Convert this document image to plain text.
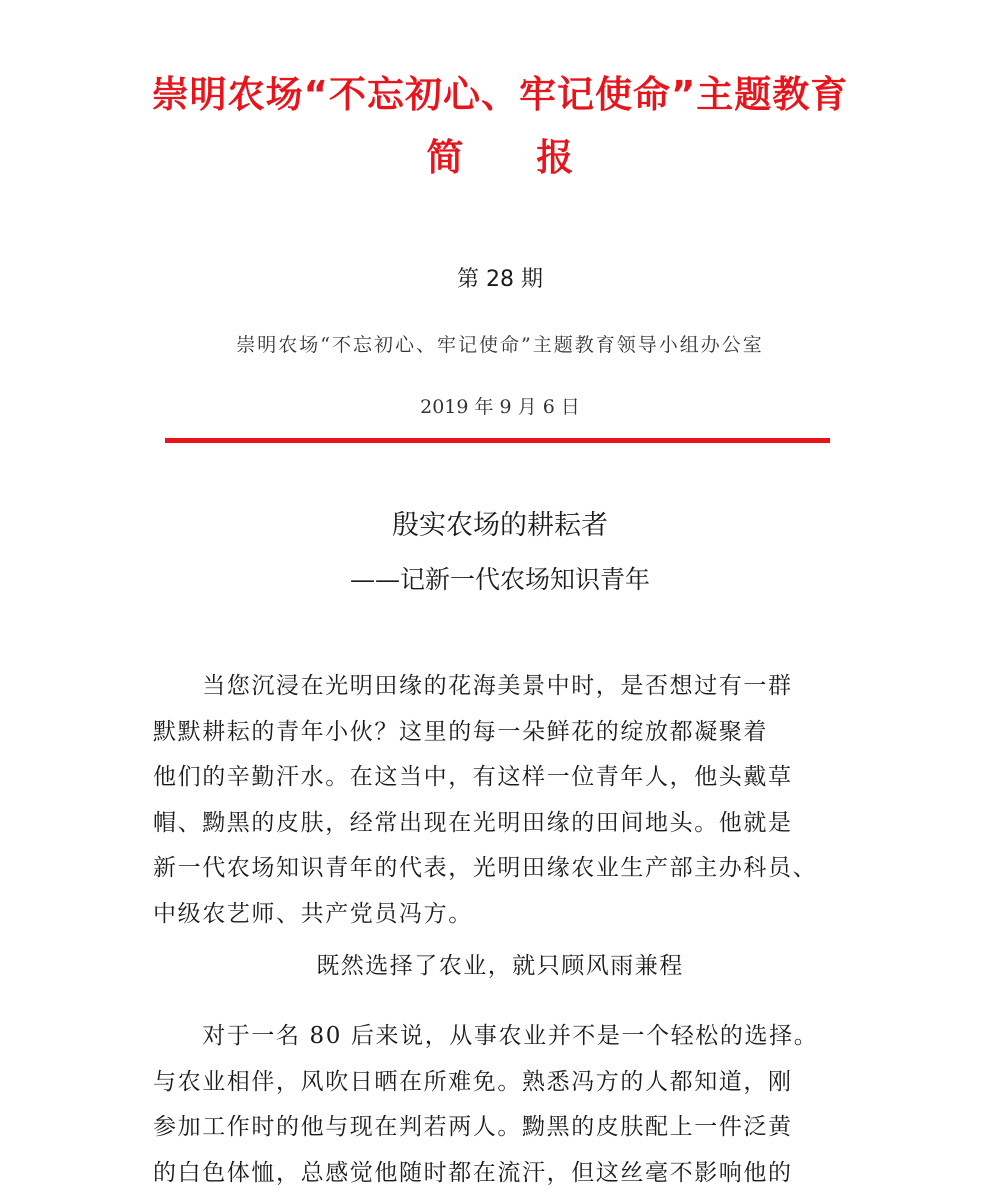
崇明农场“不忘初心、牢记使命”主题教育
简 报
第 28 期
崇明农场“不忘初心、牢记使命”主题教育领导小组办公室
2019 年 9 月 6 日
殷实农场的耕耘者
——记新一代农场知识青年

　　当您沉浸在光明田缘的花海美景中时，是否想过有一群
默默耕耘的青年小伙？这里的每一朵鲜花的绽放都凝聚着
他们的辛勤汗水。在这当中，有这样一位青年人，他头戴草
帽、黝黑的皮肤，经常出现在光明田缘的田间地头。他就是
新一代农场知识青年的代表，光明田缘农业生产部主办科员、
中级农艺师、共产党员冯方。

既然选择了农业，就只顾风雨兼程

　　对于一名 80 后来说，从事农业并不是一个轻松的选择。
与农业相伴，风吹日晒在所难免。熟悉冯方的人都知道，刚
参加工作时的他与现在判若两人。黝黑的皮肤配上一件泛黄
的白色体恤，总感觉他随时都在流汗，但这丝毫不影响他的
